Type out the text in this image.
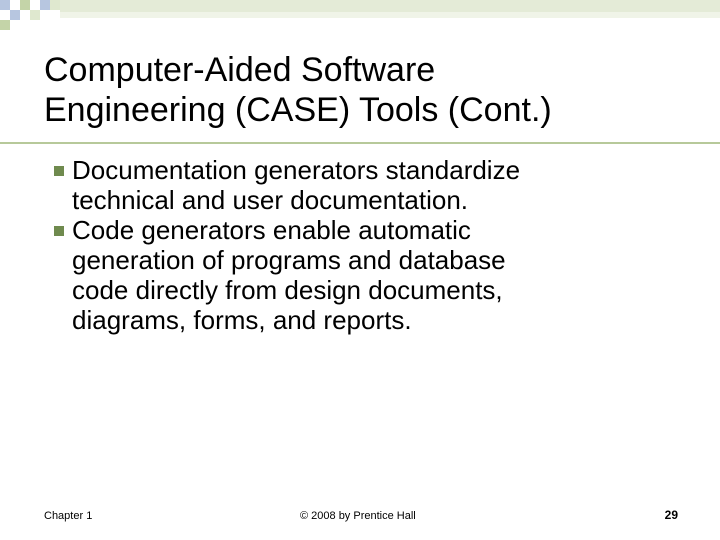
Computer-Aided Software
Engineering (CASE) Tools (Cont.)
Documentation generators standardize
technical and user documentation.
Code generators enable automatic
generation of programs and database
code directly from design documents,
diagrams, forms, and reports.
Chapter 1	© 2008 by Prentice Hall	29
